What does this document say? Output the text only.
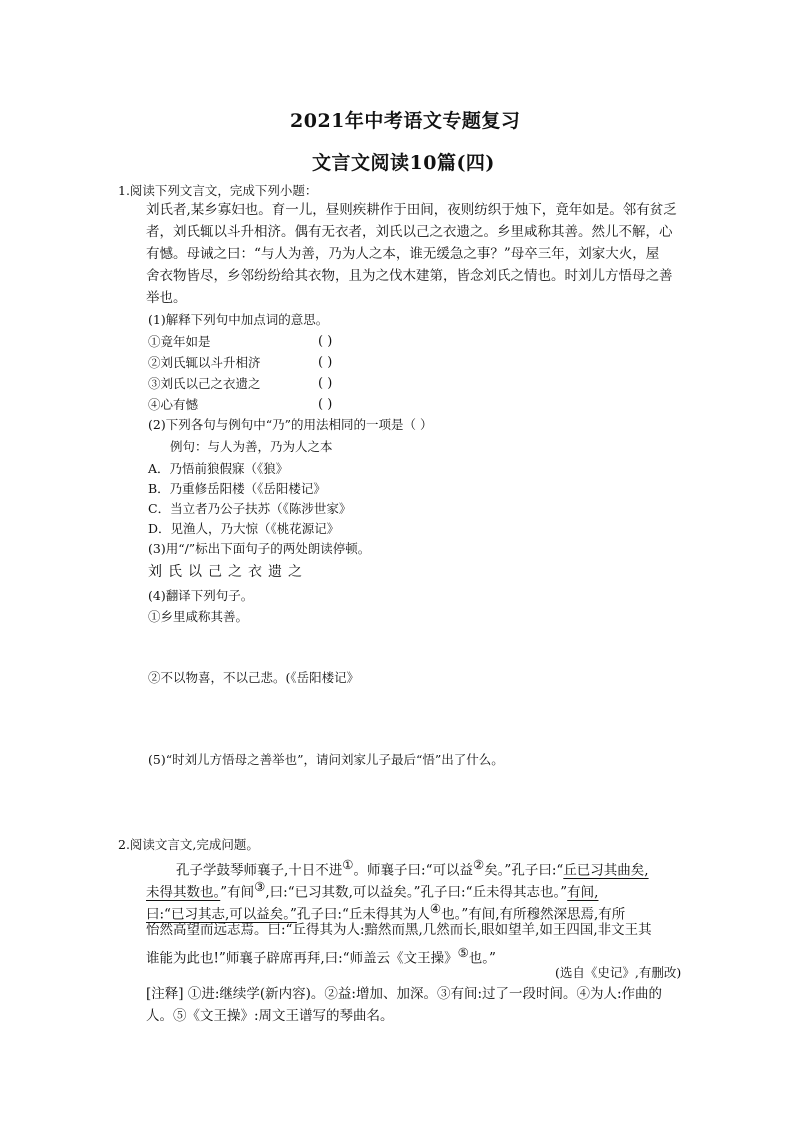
2021年中考语文专题复习
文言文阅读10篇(四)
1.阅读下列文言文，完成下列小题：
刘氏者,某乡寡妇也。育一儿，昼则疾耕作于田间，夜则纺织于烛下，竟年如是。邻有贫乏
者，刘氏辄以斗升相济。偶有无衣者，刘氏以己之衣遗之。乡里咸称其善。然儿不解，心
有憾。母诫之曰：“与人为善，乃为人之本，谁无缓急之事？”母卒三年，刘家大火，屋
舍衣物皆尽，乡邻纷纷给其衣物，且为之伐木建第，皆念刘氏之情也。时刘儿方悟母之善
举也。
(1)解释下列句中加点词的意思。
①竟年如是	( )
②刘氏辄以斗升相济	( )
③刘氏以己之衣遗之	( )
④心有憾	( )
(2)下列各句与例句中“乃”的用法相同的一项是（ ）
例句：与人为善，乃为人之本
A．乃悟前狼假寐（《狼》
B．乃重修岳阳楼（《岳阳楼记》
C．当立者乃公子扶苏（《陈涉世家》
D．见渔人，乃大惊（《桃花源记》
(3)用“/”标出下面句子的两处朗读停顿。
刘氏以己之衣遗之
(4)翻译下列句子。
①乡里咸称其善。
②不以物喜，不以己悲。(《岳阳楼记》
(5)“时刘儿方悟母之善举也”，请问刘家儿子最后“悟”出了什么。
2.阅读文言文,完成问题。
孔子学鼓琴师襄子,十日不进①。师襄子曰:“可以益②矣。”孔子曰:“丘已习其曲矣,
未得其数也。”有间③,曰:“已习其数,可以益矣。”孔子曰:“丘未得其志也。”有间,
曰:“已习其志,可以益矣。”孔子曰:“丘未得其为人④也。”有间,有所穆然深思焉,有所
怡然高望而远志焉。曰:“丘得其为人:黯然而黑,几然而长,眼如望羊,如王四国,非文王其
谁能为此也!”师襄子辟席再拜,曰:“师盖云《文王操》⑤也。”
(选自《史记》,有删改)
[注释] ①进:继续学(新内容)。②益:增加、加深。③有间:过了一段时间。④为人:作曲的
人。⑤《文王操》:周文王谱写的琴曲名。
